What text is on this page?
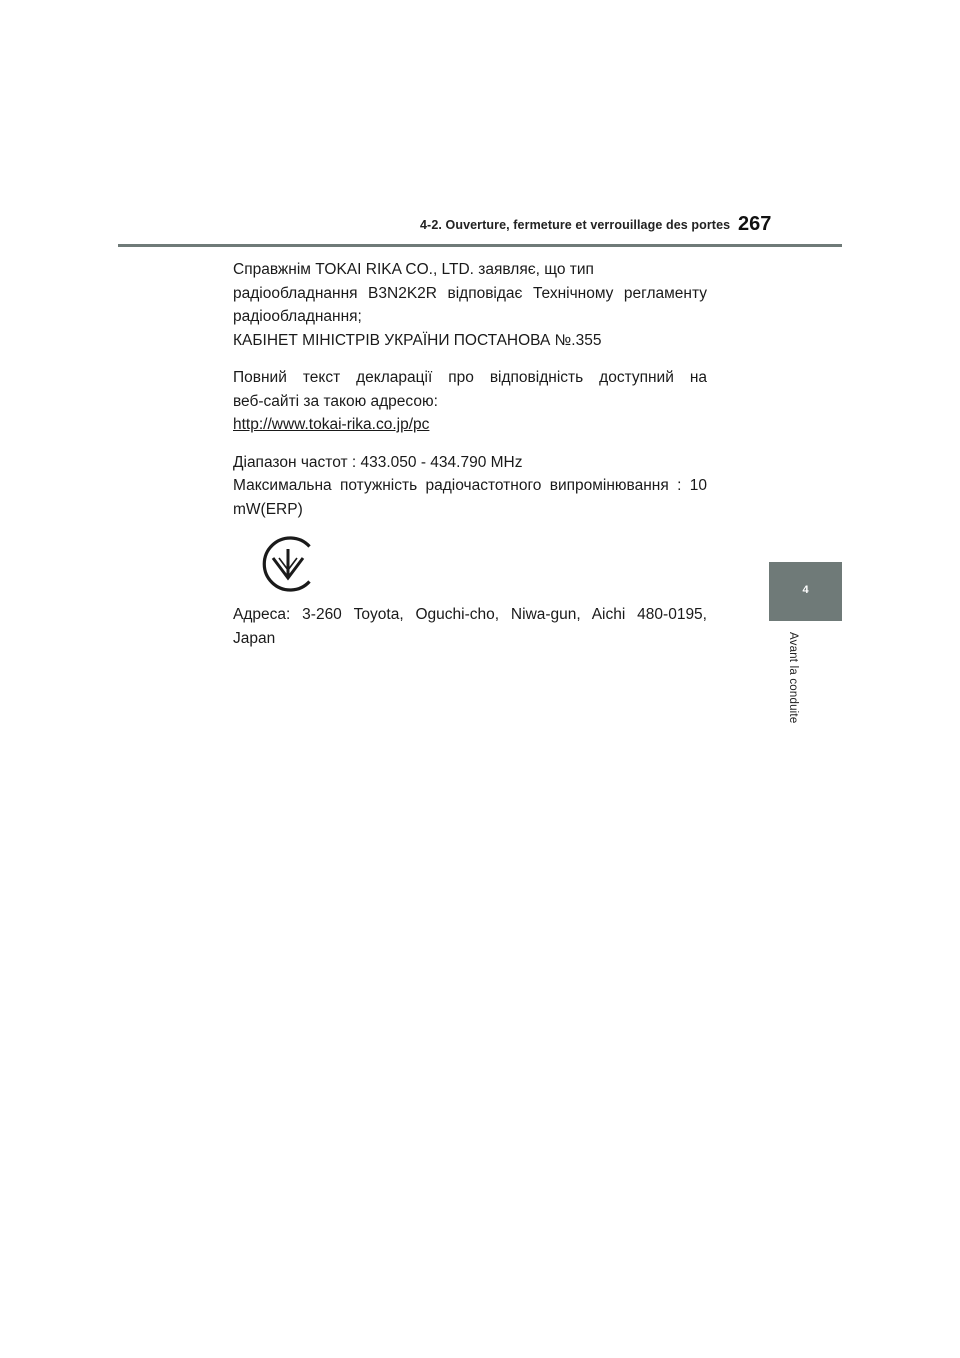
4-2. Ouverture, fermeture et verrouillage des portes 267
4
Avant la conduite
Справжнім TOKAI RIKA CO., LTD. заявляє, що тип
радіообладнання B3N2K2R відповідає Технічному регламенту
радіообладнання;
КАБІНЕТ МІНІСТРІВ УКРАЇНИ ПОСТАНОВА №.355
Повний текст декларації про відповідність доступний на
веб-сайті за такою адресою:
http://www.tokai-rika.co.jp/pc
Діапазон частот : 433.050 - 434.790 MHz
Максимальна потужність радіочастотного випромінювання : 10
mW(ERP)
Адреса: 3-260 Toyota, Oguchi-cho, Niwa-gun, Aichi 480-0195,
Japan
